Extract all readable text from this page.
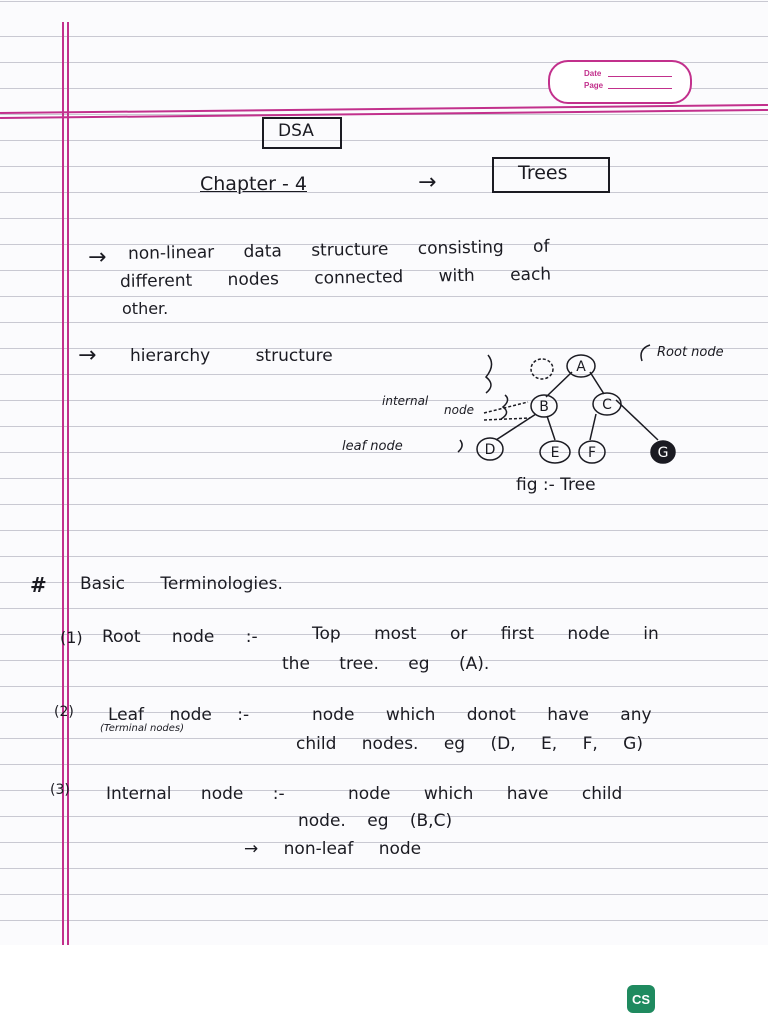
Date
Page
DSA
Chapter - 4	→	Trees
→ non-linear data structure consisting of
different nodes connected with each
other.
→ hierarchy structure
A
B	C
D	E F	G
Root node
internal
node
leaf node
fig :- Tree
# Basic Terminologies.
(1) Root node :-	Top most or first node in
the tree. eg (A).
(2) Leaf node :-
(Terminal nodes)
node which donot have any
child nodes. eg (D, E, F, G)
(3) Internal node :-	node which have child
node. eg (B,C)
→ non-leaf node
CS
